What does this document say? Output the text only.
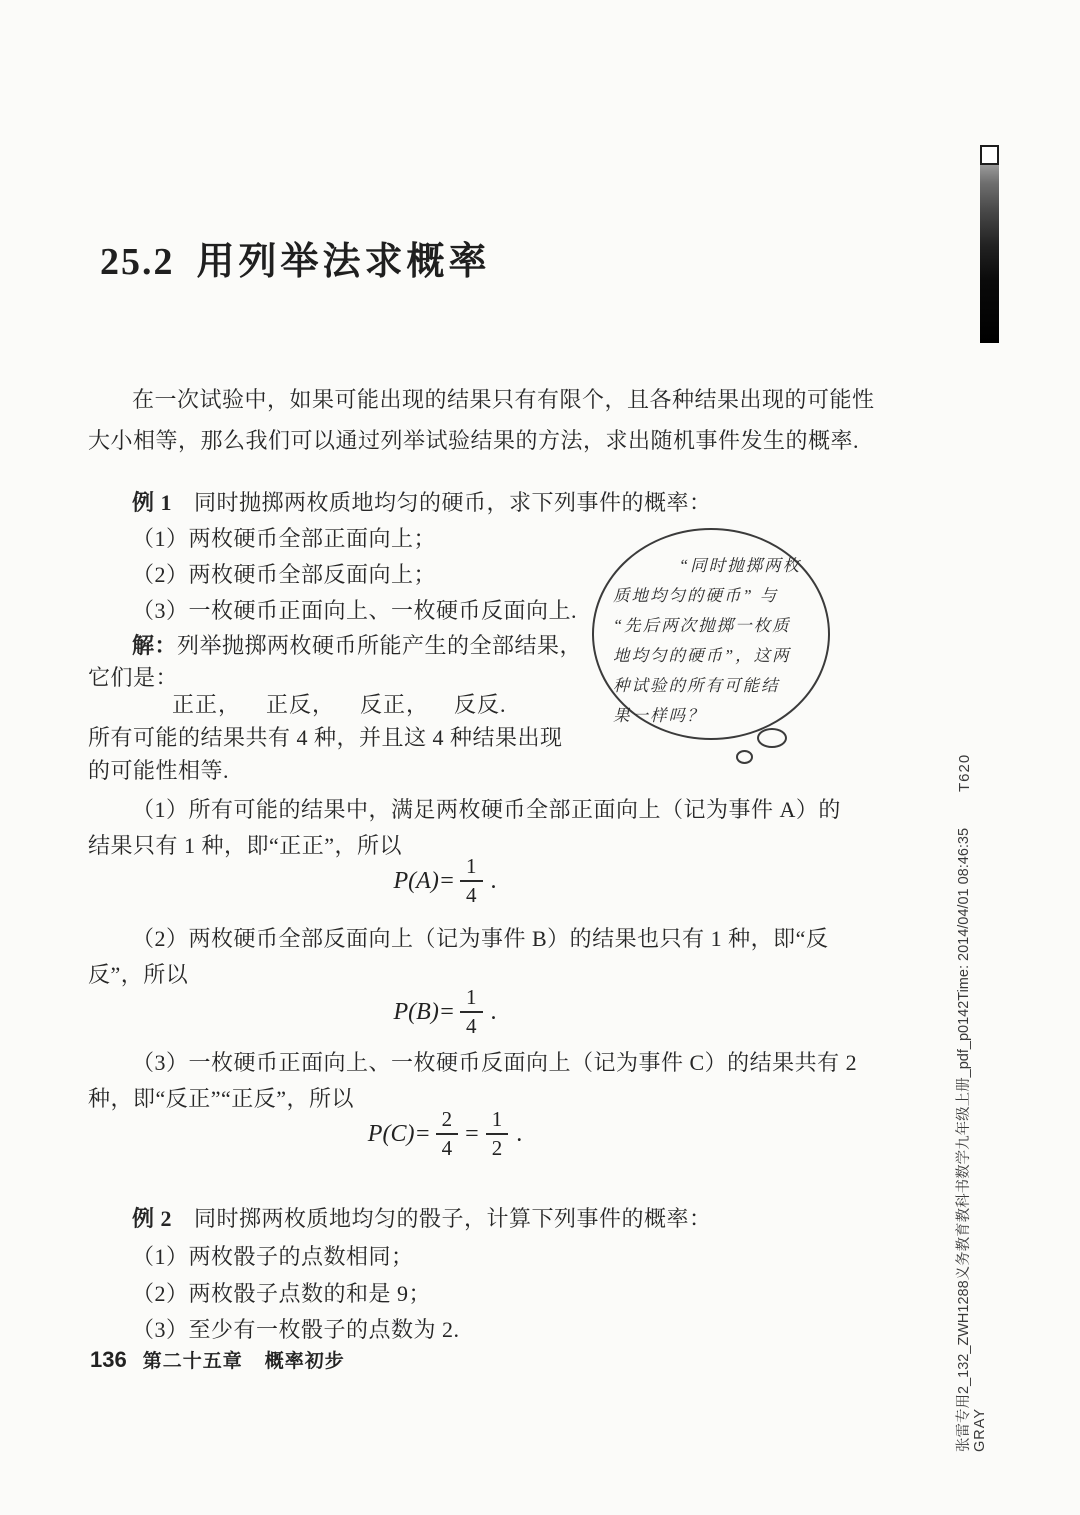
25.2 用列举法求概率
在一次试验中，如果可能出现的结果只有有限个，且各种结果出现的可能性
大小相等，那么我们可以通过列举试验结果的方法，求出随机事件发生的概率.
例 1 同时抛掷两枚质地均匀的硬币，求下列事件的概率：
（1）两枚硬币全部正面向上；
（2）两枚硬币全部反面向上；
（3）一枚硬币正面向上、一枚硬币反面向上.
解：列举抛掷两枚硬币所能产生的全部结果，
它们是：
正正， 正反， 反正， 反反.
所有可能的结果共有 4 种，并且这 4 种结果出现
的可能性相等.
（1）所有可能的结果中，满足两枚硬币全部正面向上（记为事件 A）的
结果只有 1 种，即“正正”，所以
$P(A)= \frac{1}{4}$ .
（2）两枚硬币全部反面向上（记为事件 B）的结果也只有 1 种，即“反
反”，所以
$P(B)= \frac{1}{4}$ .
（3）一枚硬币正面向上、一枚硬币反面向上（记为事件 C）的结果共有 2
种，即“反正”“正反”，所以
$P(C)= \frac{2}{4} = \frac{1}{2}$ .
“同时抛掷两枚
质地均匀的硬币” 与
“先后两次抛掷一枚质
地均匀的硬币”，这两
种试验的所有可能结
果一样吗？
例 2 同时掷两枚质地均匀的骰子，计算下列事件的概率：
（1）两枚骰子的点数相同；
（2）两枚骰子点数的和是 9；
（3）至少有一枚骰子的点数为 2.
T620
张雷专用2_132_ZWH1288义务教育教科书数学九年级上册_pdf_p0142Time: 2014/04/01 08:46:35 GRAY
136 第二十五章 概率初步
